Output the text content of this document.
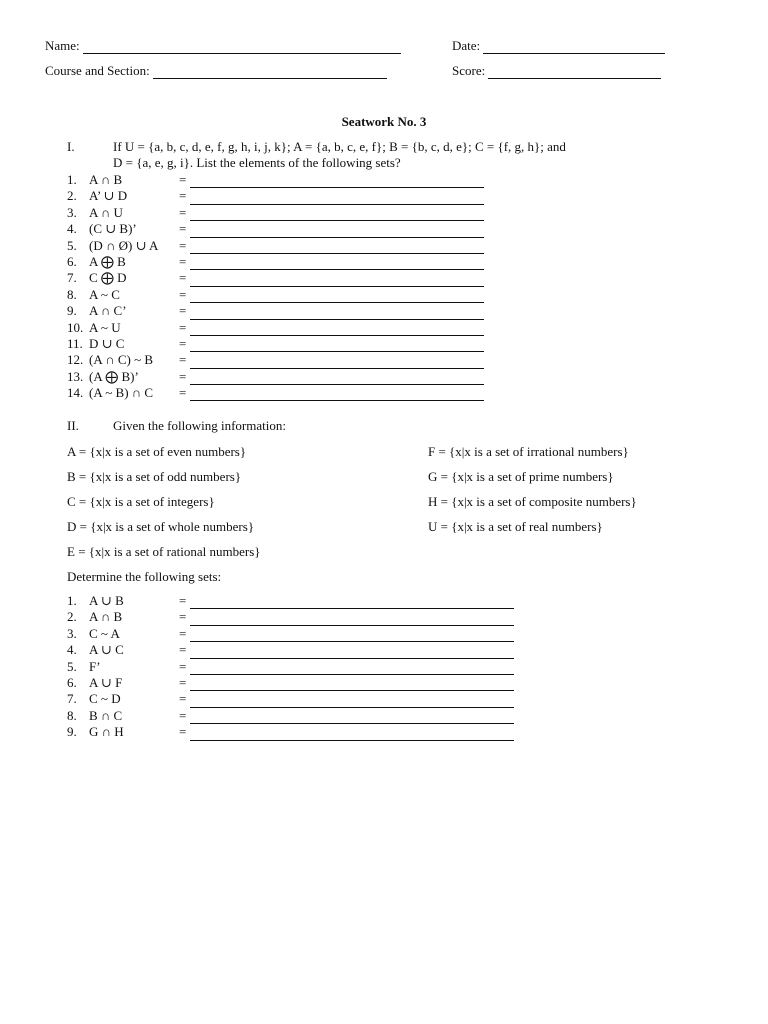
Name:	Date:
Course and Section:	Score:
Seatwork No. 3
I.	If U = {a, b, c, d, e, f, g, h, i, j, k}; A = {a, b, c, e, f}; B = {b, c, d, e}; C = {f, g, h}; and
D = {a, e, g, i}. List the elements of the following sets?
1. A ∩ B	=
2. A’ ∪ D	=
3. A ∩ U	=
4. (C ∪ B)’	=
5. (D ∩ Ø) ∪ A	=
6. A ⨁ B	=
7. C ⨁ D	=
8. A ~ C	=
9. A ∩ C’	=
10. A ~ U	=
11. D ∪ C	=
12. (A ∩ C) ~ B	=
13. (A ⨁ B)’	=
14. (A ~ B) ∩ C	=
II.	Given the following information:
A = {x|x is a set of even numbers}
B = {x|x is a set of odd numbers}
C = {x|x is a set of integers}
D = {x|x is a set of whole numbers}
E = {x|x is a set of rational numbers}
F = {x|x is a set of irrational numbers}
G = {x|x is a set of prime numbers}
H = {x|x is a set of composite numbers}
U = {x|x is a set of real numbers}
Determine the following sets:
1. A ∪ B	=
2. A ∩ B	=
3. C ~ A	=
4. A ∪ C	=
5. F’	=
6. A ∪ F	=
7. C ~ D	=
8. B ∩ C	=
9. G ∩ H	=
